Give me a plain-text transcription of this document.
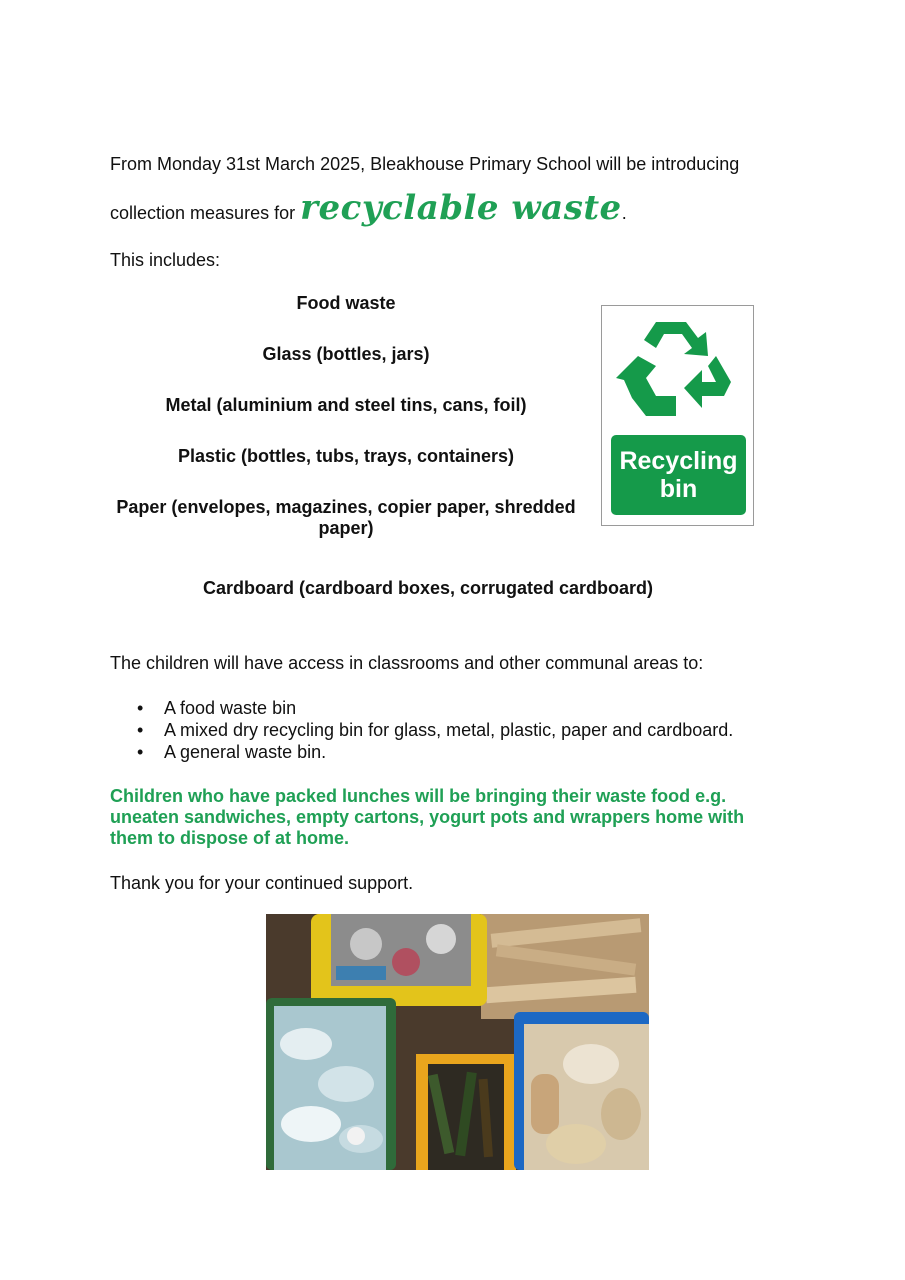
From Monday 31st March 2025, Bleakhouse Primary School will be introducing
collection measures for recyclable waste.
This includes:
Food waste
Glass (bottles, jars)
Metal (aluminium and steel tins, cans, foil)
Plastic (bottles, tubs, trays, containers)
Paper (envelopes, magazines, copier paper, shredded paper)
Cardboard (cardboard boxes, corrugated cardboard)
Recycling bin
The children will have access in classrooms and other communal areas to:
• A food waste bin
• A mixed dry recycling bin for glass, metal, plastic, paper and cardboard.
• A general waste bin.
Children who have packed lunches will be bringing their waste food e.g. uneaten sandwiches, empty cartons, yogurt pots and wrappers home with them to dispose of at home.
Thank you for your continued support.
